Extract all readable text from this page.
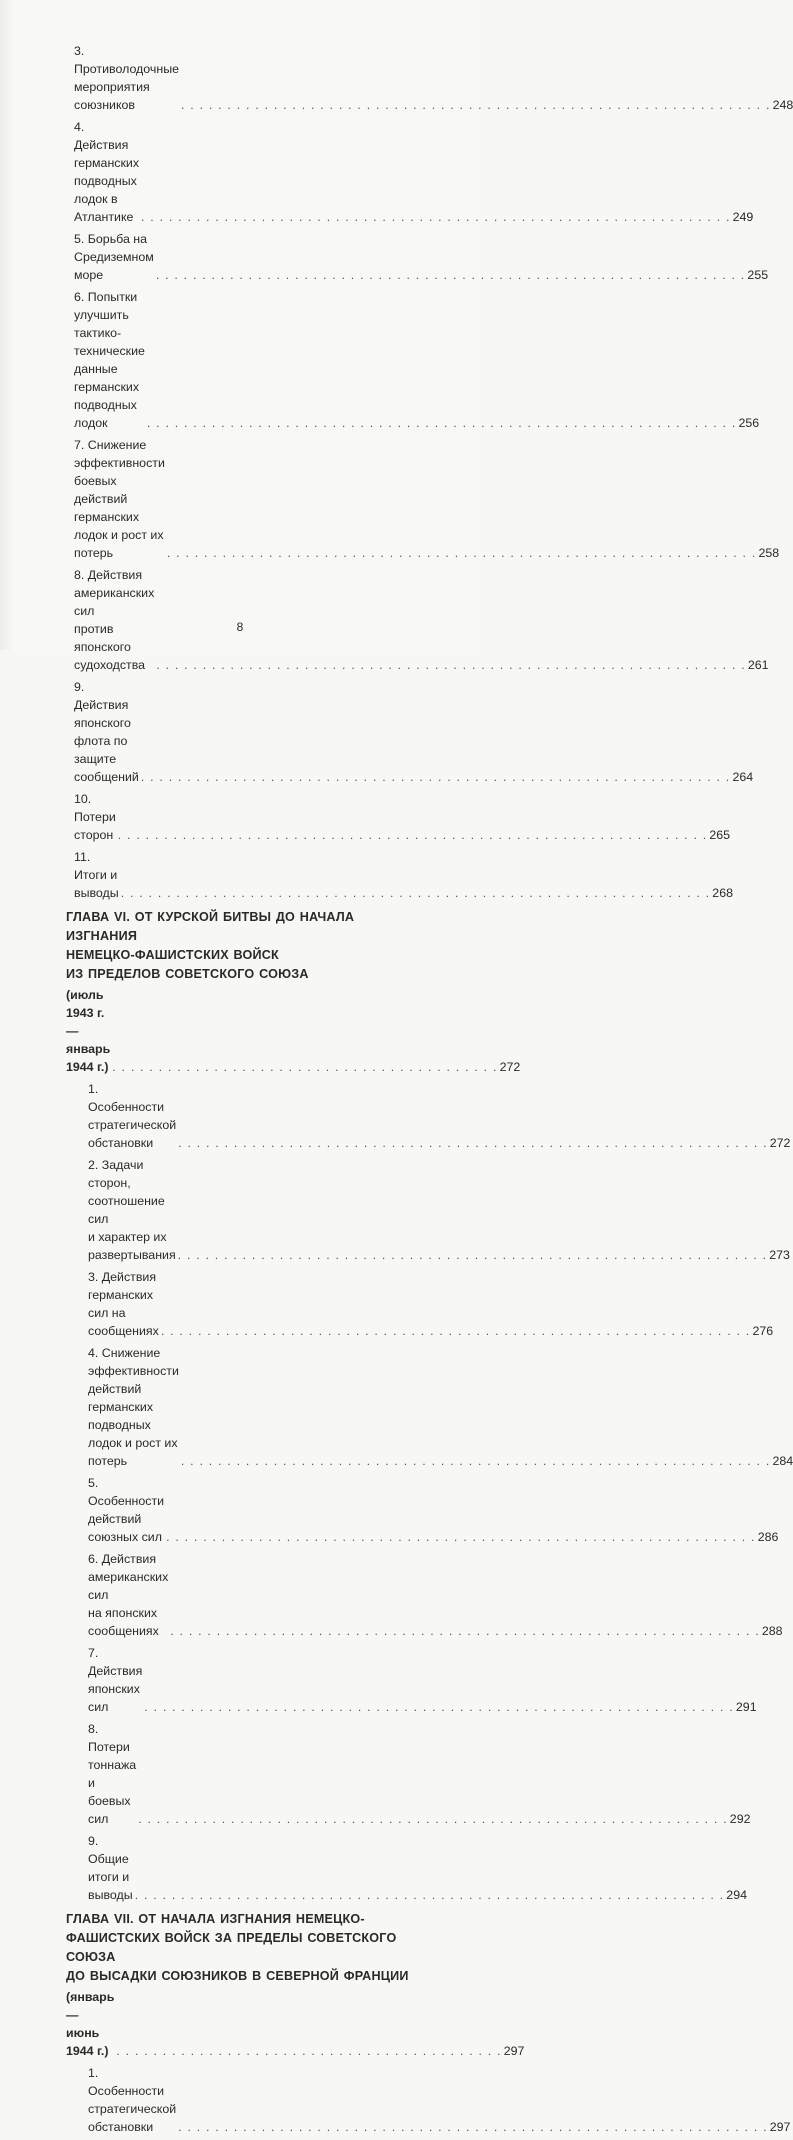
3. Противолодочные мероприятия союзников . . .	248
4. Действия германских подводных лодок в Атлантике . . .	249
5. Борьба на Средиземном море . . .	255
6. Попытки улучшить тактико-технические данные
германских подводных лодок . . .	256
7. Снижение эффективности боевых действий
германских лодок и рост их потерь . . .	258
8. Действия американских сил
против японского судоходства . . .	261
9. Действия японского флота по защите сообщений . . .	264
10. Потери сторон . . .	265
11. Итоги и выводы . . .	268
ГЛАВА VI. ОТ КУРСКОЙ БИТВЫ ДО НАЧАЛА ИЗГНАНИЯ
НЕМЕЦКО-ФАШИСТСКИХ ВОЙСК
ИЗ ПРЕДЕЛОВ СОВЕТСКОГО СОЮЗА
(июль 1943 г.— январь 1944 г.) . . .	272
1. Особенности стратегической обстановки . . .	272
2. Задачи сторон, соотношение сил
и характер их развертывания . . .	273
3. Действия германских сил на сообщениях . . .	276
4. Снижение эффективности действий
германских подводных лодок и рост их потерь . . .	284
5. Особенности действий союзных сил . . .	286
6. Действия американских сил
на японских сообщениях . . .	288
7. Действия японских сил . . .	291
8. Потери тоннажа и боевых сил . . .	292
9. Общие итоги и выводы . . .	294
ГЛАВА VII. ОТ НАЧАЛА ИЗГНАНИЯ НЕМЕЦКО-
ФАШИСТСКИХ ВОЙСК ЗА ПРЕДЕЛЫ СОВЕТСКОГО СОЮЗА
ДО ВЫСАДКИ СОЮЗНИКОВ В СЕВЕРНОЙ ФРАНЦИИ
(январь — июнь 1944 г.) . . .	297
1. Особенности стратегической обстановки . . .	297
8
